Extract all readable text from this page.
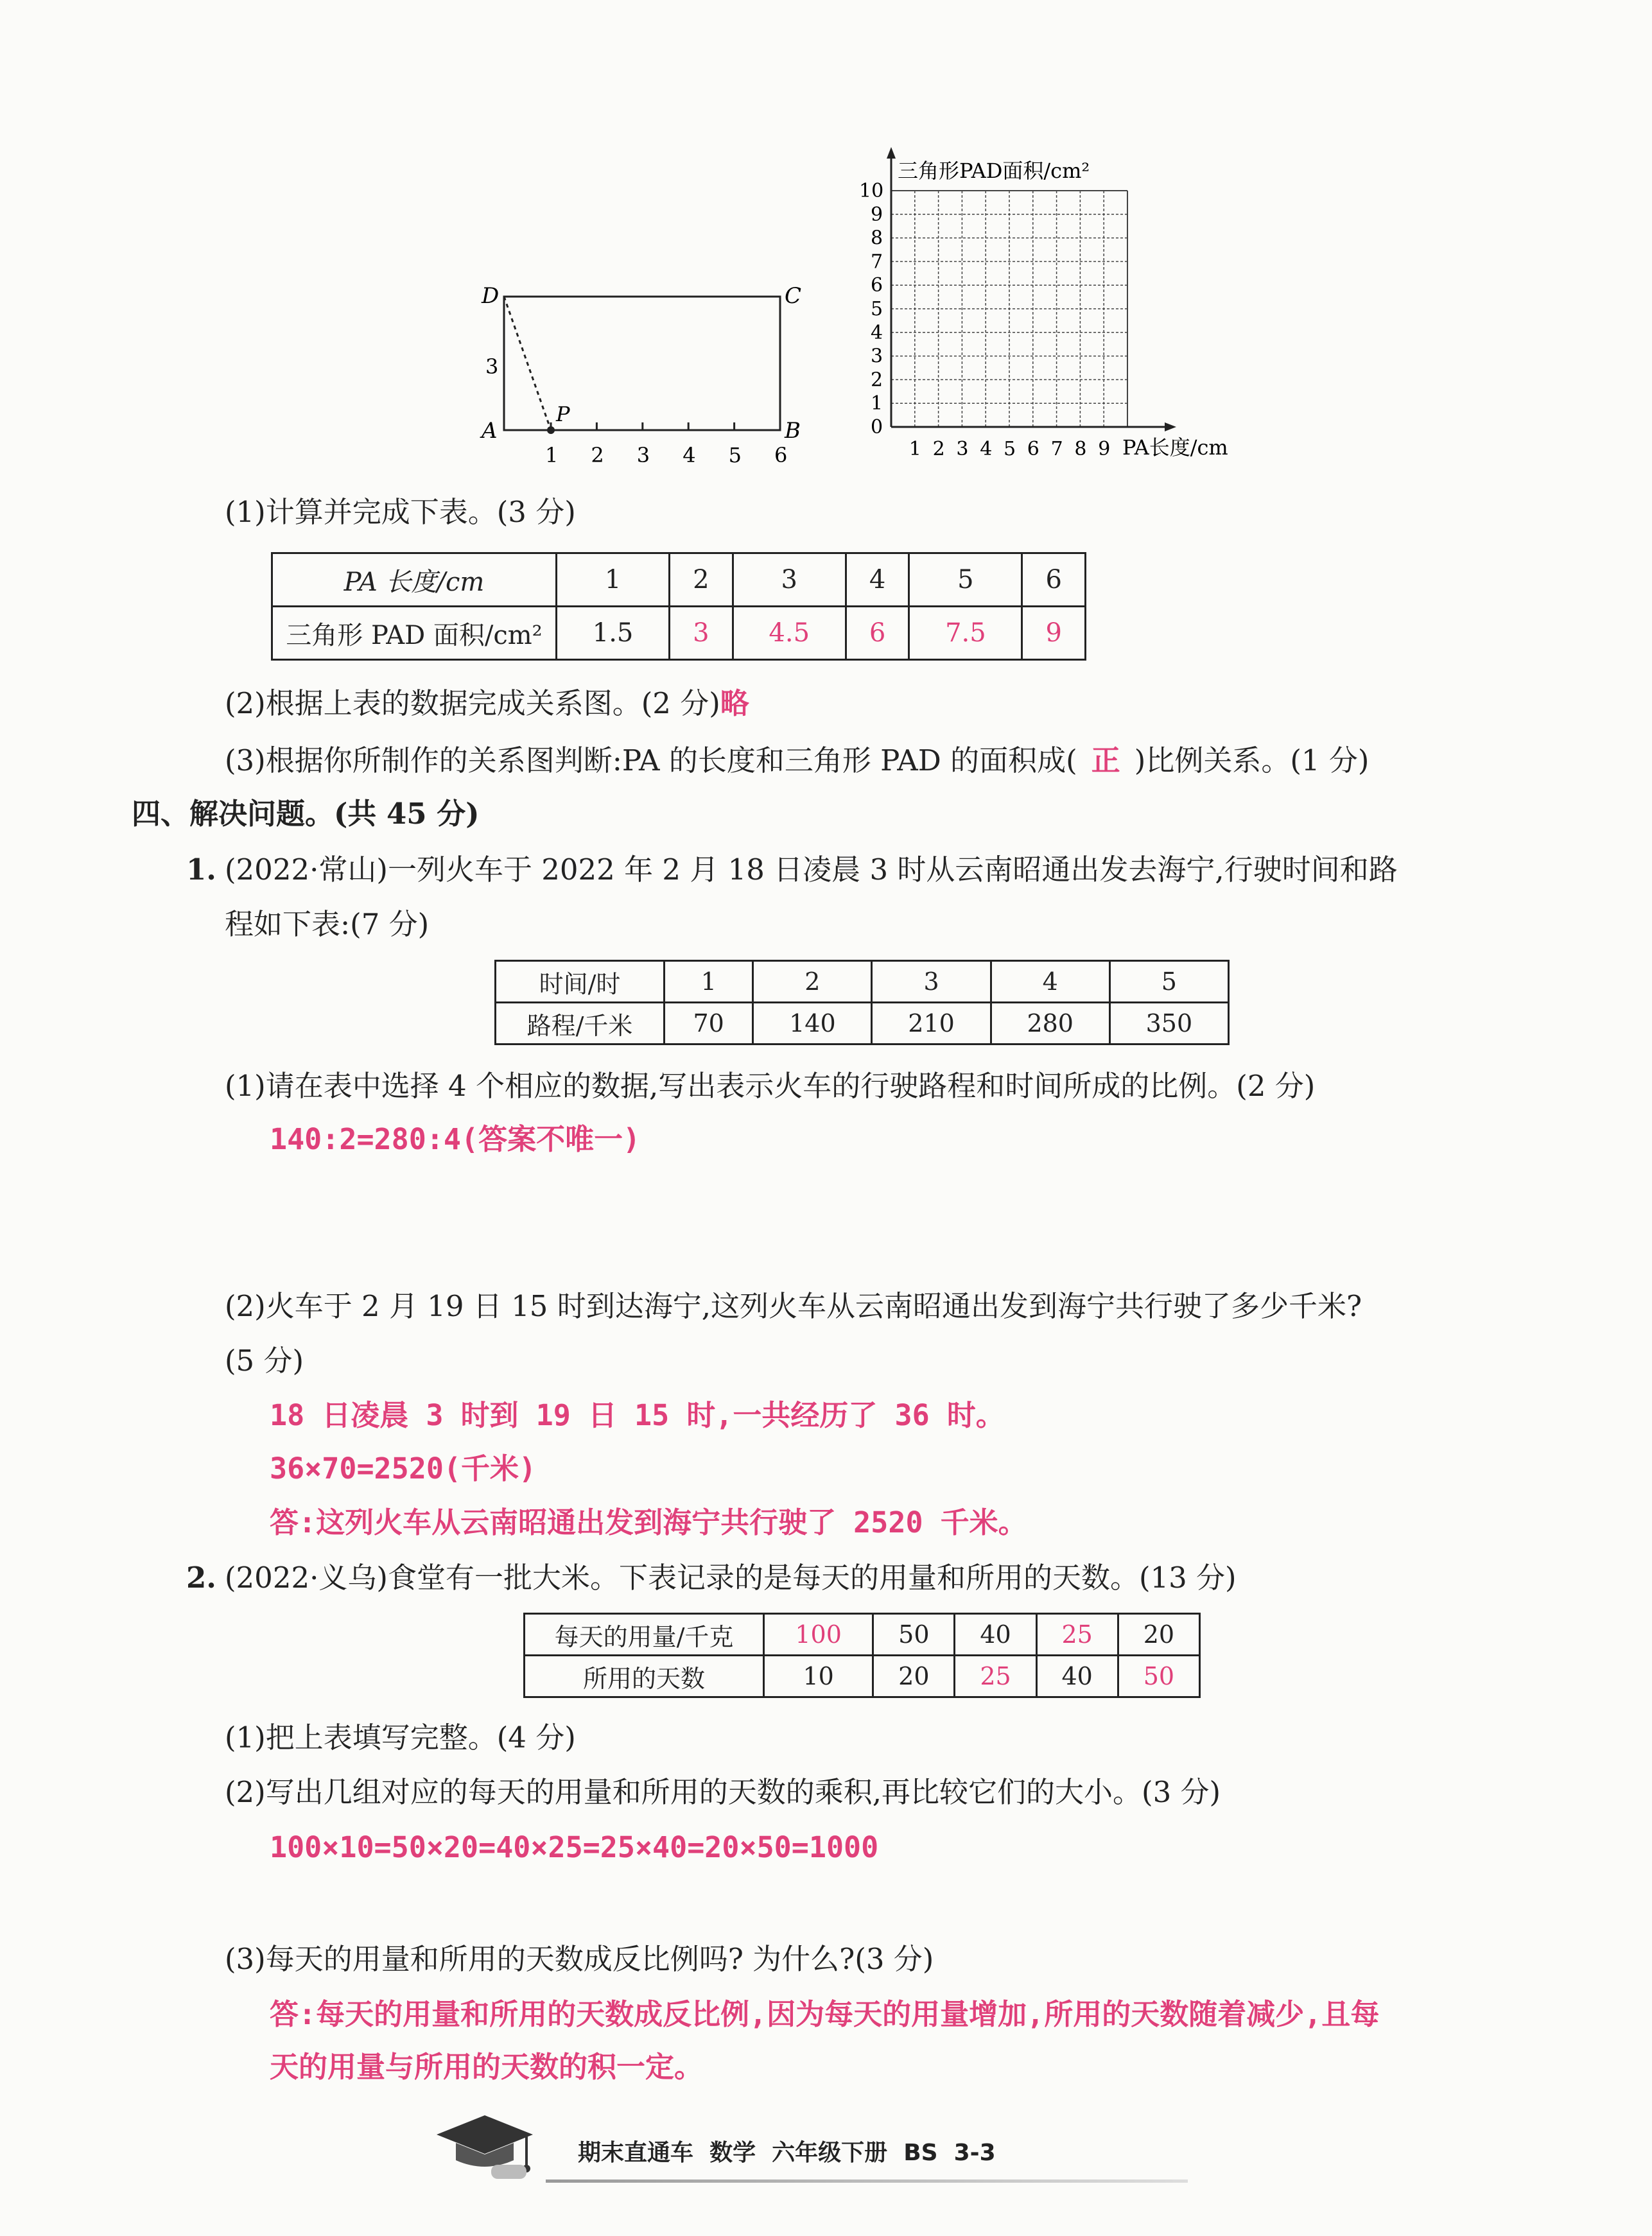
1 2 3 4 5 6
D	C
A	B
P
3
三角形PAD面积/cm²
PA长度/cm
0
1
2
3
4
5
6
7
8
9
10
1 2 3 4 5 6 7 8 9
(1)计算并完成下表。(3 分)
PA 长度/cm	1	2	3	4	5	6
三角形 PAD 面积/cm²	1.5	3	4.5	6	7.5	9
(2)根据上表的数据完成关系图。(2 分)略
(3)根据你所制作的关系图判断:PA 的长度和三角形 PAD 的面积成( 正 )比例关系。(1 分)
四、解决问题。(共 45 分)
1. (2022·常山)一列火车于 2022 年 2 月 18 日凌晨 3 时从云南昭通出发去海宁,行驶时间和路
程如下表:(7 分)
时间/时	1	2	3	4	5
路程/千米	70	140	210	280	350
(1)请在表中选择 4 个相应的数据,写出表示火车的行驶路程和时间所成的比例。(2 分)
140:2=280:4(答案不唯一)
(2)火车于 2 月 19 日 15 时到达海宁,这列火车从云南昭通出发到海宁共行驶了多少千米?
(5 分)
18 日凌晨 3 时到 19 日 15 时,一共经历了 36 时。
36×70=2520(千米)
答:这列火车从云南昭通出发到海宁共行驶了 2520 千米。
2. (2022·义乌)食堂有一批大米。下表记录的是每天的用量和所用的天数。(13 分)
每天的用量/千克	100	50	40	25	20
所用的天数	10	20	25	40	50
(1)把上表填写完整。(4 分)
(2)写出几组对应的每天的用量和所用的天数的乘积,再比较它们的大小。(3 分)
100×10=50×20=40×25=25×40=20×50=1000
(3)每天的用量和所用的天数成反比例吗? 为什么?(3 分)
答:每天的用量和所用的天数成反比例,因为每天的用量增加,所用的天数随着减少,且每
天的用量与所用的天数的积一定。
期末直通车  数学  六年级下册  BS  3-3
